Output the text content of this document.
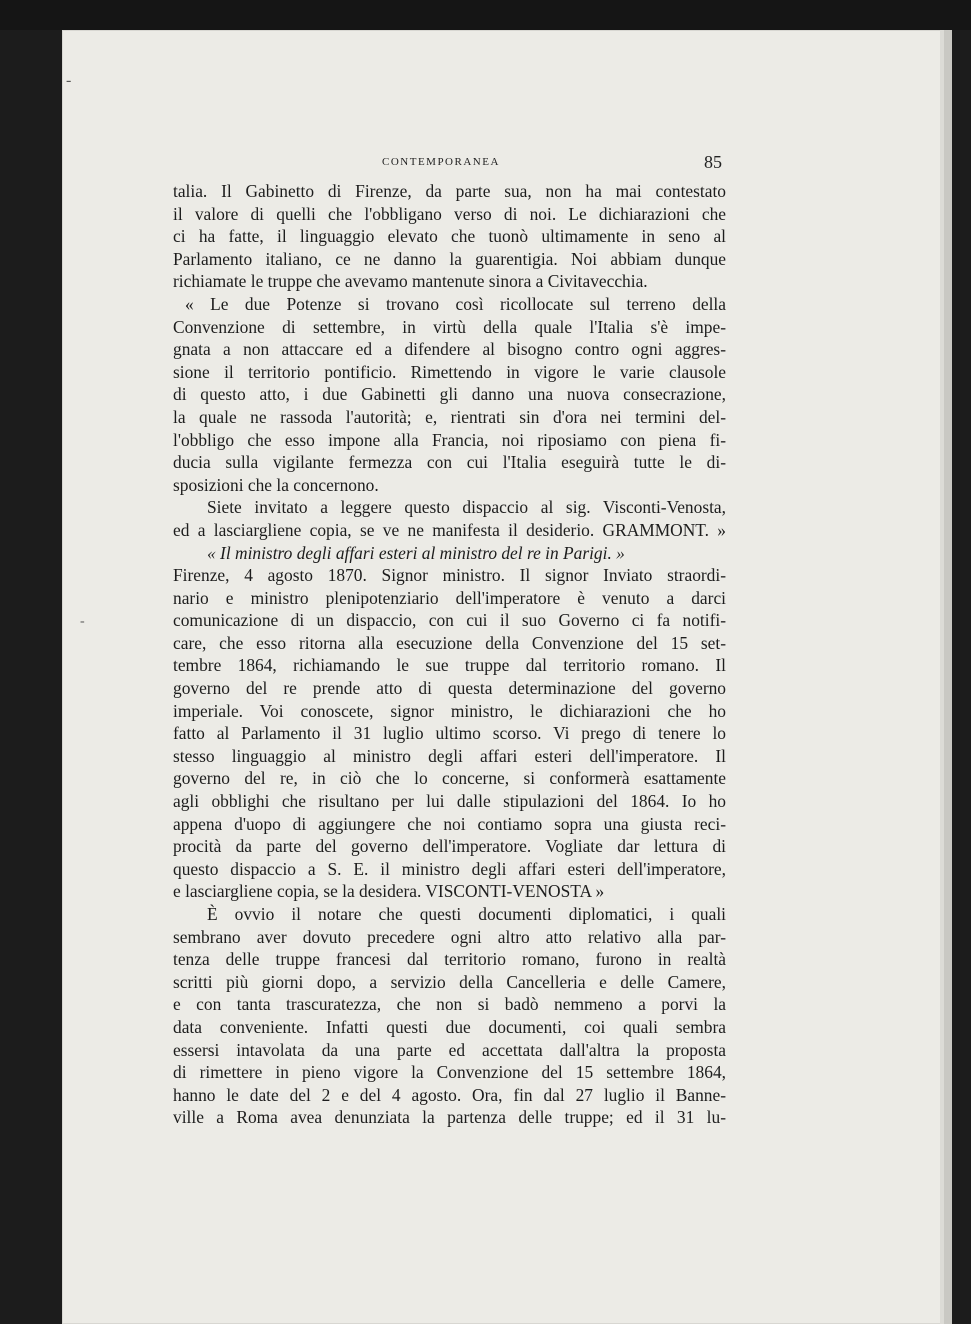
‐
‐
CONTEMPORANEA	85
talia. Il Gabinetto di Firenze, da parte sua, non ha mai contestato
il valore di quelli che l'obbligano verso di noi. Le dichiarazioni che
ci ha fatte, il linguaggio elevato che tuonò ultimamente in seno al
Parlamento italiano, ce ne danno la guarentigia. Noi abbiam dunque
richiamate le truppe che avevamo mantenute sinora a Civitavecchia.
« Le due Potenze si trovano così ricollocate sul terreno della
Convenzione di settembre, in virtù della quale l'Italia s'è impe-
gnata a non attaccare ed a difendere al bisogno contro ogni aggres-
sione il territorio pontificio. Rimettendo in vigore le varie clausole
di questo atto, i due Gabinetti gli danno una nuova consecrazione,
la quale ne rassoda l'autorità; e, rientrati sin d'ora nei termini del-
l'obbligo che esso impone alla Francia, noi riposiamo con piena fi-
ducia sulla vigilante fermezza con cui l'Italia eseguirà tutte le di-
sposizioni che la concernono.
Siete invitato a leggere questo dispaccio al sig. Visconti-Venosta,
ed a lasciargliene copia, se ve ne manifesta il desiderio. GRAMMONT. »
« Il ministro degli affari esteri al ministro del re in Parigi. »
Firenze, 4 agosto 1870. Signor ministro. Il signor Inviato straordi-
nario e ministro plenipotenziario dell'imperatore è venuto a darci
comunicazione di un dispaccio, con cui il suo Governo ci fa notifi-
care, che esso ritorna alla esecuzione della Convenzione del 15 set-
tembre 1864, richiamando le sue truppe dal territorio romano. Il
governo del re prende atto di questa determinazione del governo
imperiale. Voi conoscete, signor ministro, le dichiarazioni che ho
fatto al Parlamento il 31 luglio ultimo scorso. Vi prego di tenere lo
stesso linguaggio al ministro degli affari esteri dell'imperatore. Il
governo del re, in ciò che lo concerne, si conformerà esattamente
agli obblighi che risultano per lui dalle stipulazioni del 1864. Io ho
appena d'uopo di aggiungere che noi contiamo sopra una giusta reci-
procità da parte del governo dell'imperatore. Vogliate dar lettura di
questo dispaccio a S. E. il ministro degli affari esteri dell'imperatore,
e lasciargliene copia, se la desidera. VISCONTI-VENOSTA »
È ovvio il notare che questi documenti diplomatici, i quali
sembrano aver dovuto precedere ogni altro atto relativo alla par-
tenza delle truppe francesi dal territorio romano, furono in realtà
scritti più giorni dopo, a servizio della Cancelleria e delle Camere,
e con tanta trascuratezza, che non si badò nemmeno a porvi la
data conveniente. Infatti questi due documenti, coi quali sembra
essersi intavolata da una parte ed accettata dall'altra la proposta
di rimettere in pieno vigore la Convenzione del 15 settembre 1864,
hanno le date del 2 e del 4 agosto. Ora, fin dal 27 luglio il Banne-
ville a Roma avea denunziata la partenza delle truppe; ed il 31 lu-
